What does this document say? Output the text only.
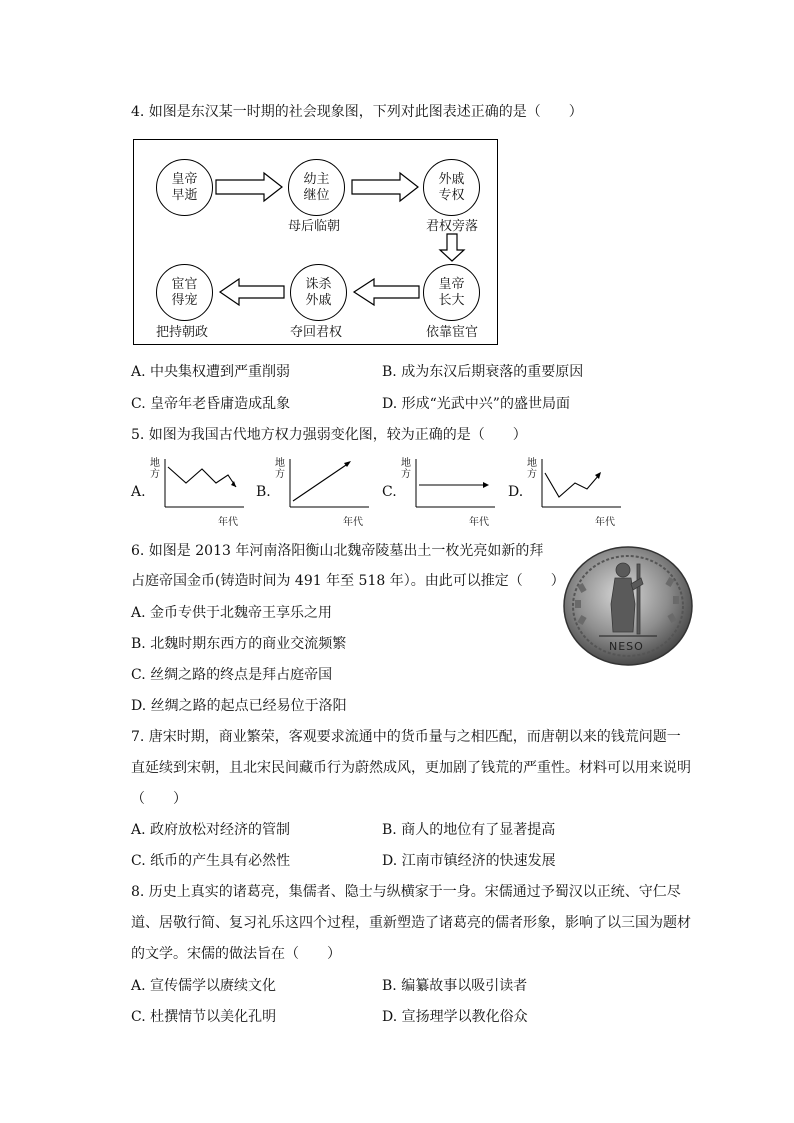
4. 如图是东汉某一时期的社会现象图，下列对此图表述正确的是（　　）
皇帝
早逝
幼主
继位
母后临朝
外戚
专权
君权旁落
皇帝
长大
依靠宦官
诛杀
外戚
夺回君权
宦官
得宠
把持朝政
A. 中央集权遭到严重削弱	B. 成为东汉后期衰落的重要原因
C. 皇帝年老昏庸造成乱象	D. 形成“光武中兴”的盛世局面
5. 如图为我国古代地方权力强弱变化图，较为正确的是（　　）
A.
地方
年代
B.
地方
年代
C.
地方
年代
D.
地方
年代
6. 如图是 2013 年河南洛阳衡山北魏帝陵墓出土一枚光亮如新的拜
占庭帝国金币(铸造时间为 491 年至 518 年）。由此可以推定（　　）
NESO
A. 金币专供于北魏帝王享乐之用
B. 北魏时期东西方的商业交流频繁
C. 丝绸之路的终点是拜占庭帝国
D. 丝绸之路的起点已经易位于洛阳
7. 唐宋时期，商业繁荣，客观要求流通中的货币量与之相匹配，而唐朝以来的钱荒问题一
直延续到宋朝，且北宋民间藏币行为蔚然成风，更加剧了钱荒的严重性。材料可以用来说明
（　　）
A. 政府放松对经济的管制	B. 商人的地位有了显著提高
C. 纸币的产生具有必然性	D. 江南市镇经济的快速发展
8. 历史上真实的诸葛亮，集儒者、隐士与纵横家于一身。宋儒通过予蜀汉以正统、守仁尽
道、居敬行简、复习礼乐这四个过程，重新塑造了诸葛亮的儒者形象，影响了以三国为题材
的文学。宋儒的做法旨在（　　）
A. 宣传儒学以赓续文化	B. 编纂故事以吸引读者
C. 杜撰情节以美化孔明	D. 宣扬理学以教化俗众
